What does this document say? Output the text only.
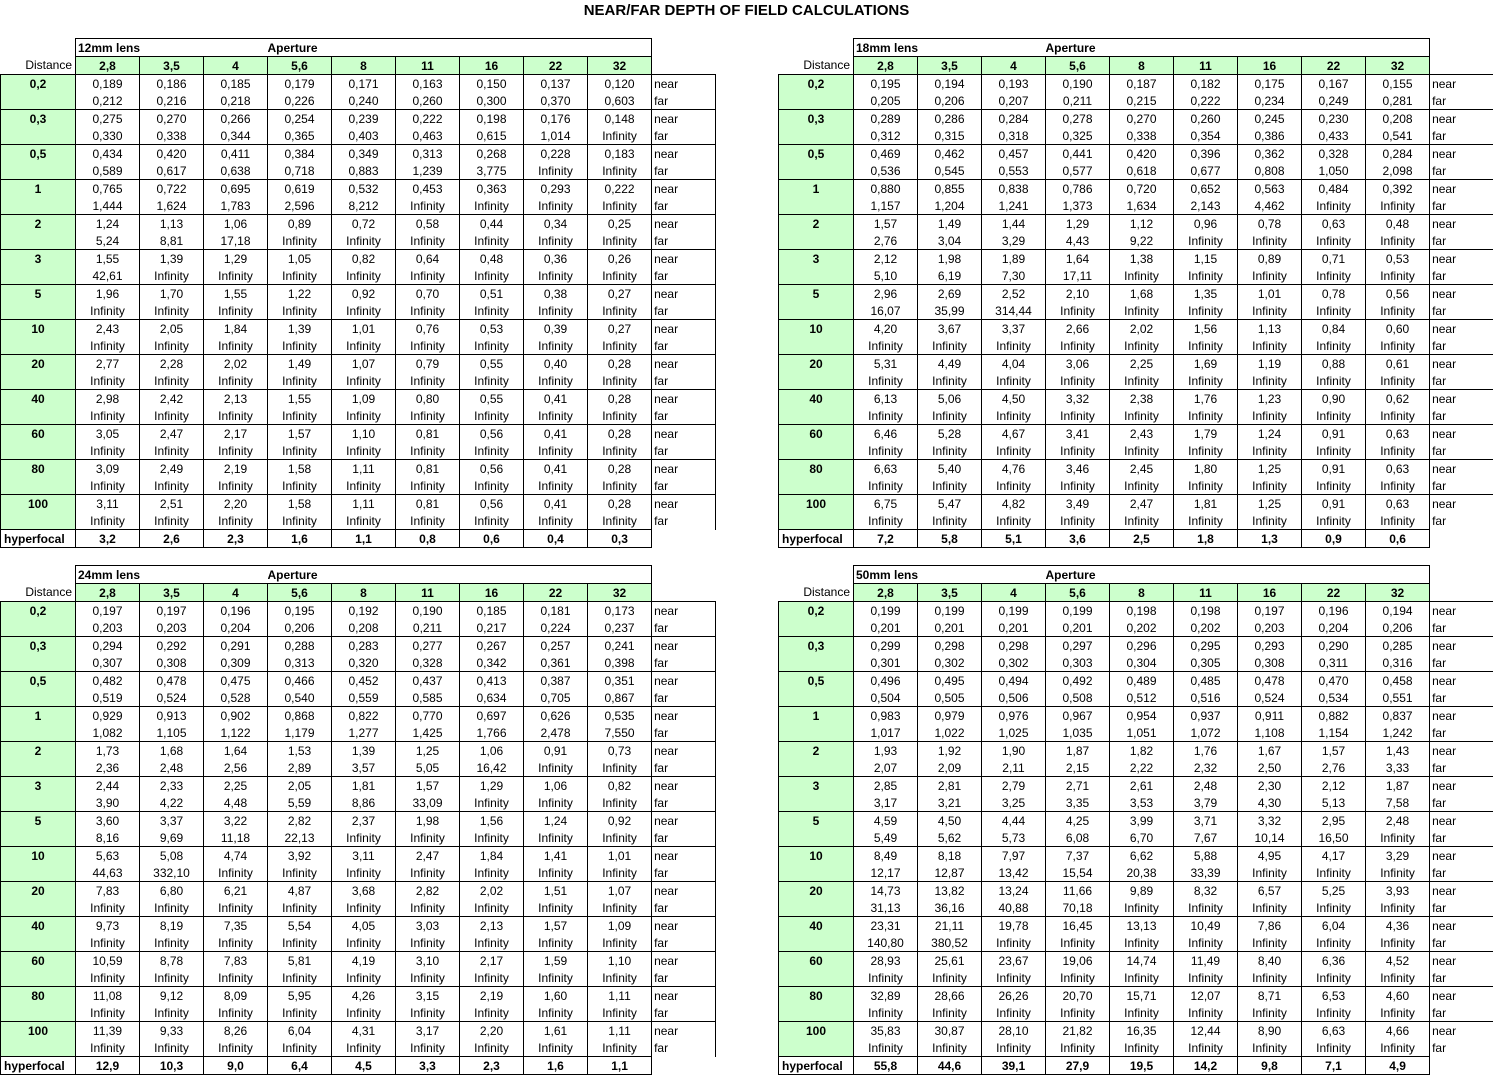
NEAR/FAR DEPTH OF FIELD CALCULATIONS
	12mm lens			Aperture						
Distance	2,8	3,5	4	5,6	8	11	16	22	32	
0,2	0,189	0,186	0,185	0,179	0,171	0,163	0,150	0,137	0,120	near
	0,212	0,216	0,218	0,226	0,240	0,260	0,300	0,370	0,603	far
0,3	0,275	0,270	0,266	0,254	0,239	0,222	0,198	0,176	0,148	near
	0,330	0,338	0,344	0,365	0,403	0,463	0,615	1,014	Infinity	far
0,5	0,434	0,420	0,411	0,384	0,349	0,313	0,268	0,228	0,183	near
	0,589	0,617	0,638	0,718	0,883	1,239	3,775	Infinity	Infinity	far
1	0,765	0,722	0,695	0,619	0,532	0,453	0,363	0,293	0,222	near
	1,444	1,624	1,783	2,596	8,212	Infinity	Infinity	Infinity	Infinity	far
2	1,24	1,13	1,06	0,89	0,72	0,58	0,44	0,34	0,25	near
	5,24	8,81	17,18	Infinity	Infinity	Infinity	Infinity	Infinity	Infinity	far
3	1,55	1,39	1,29	1,05	0,82	0,64	0,48	0,36	0,26	near
	42,61	Infinity	Infinity	Infinity	Infinity	Infinity	Infinity	Infinity	Infinity	far
5	1,96	1,70	1,55	1,22	0,92	0,70	0,51	0,38	0,27	near
	Infinity	Infinity	Infinity	Infinity	Infinity	Infinity	Infinity	Infinity	Infinity	far
10	2,43	2,05	1,84	1,39	1,01	0,76	0,53	0,39	0,27	near
	Infinity	Infinity	Infinity	Infinity	Infinity	Infinity	Infinity	Infinity	Infinity	far
20	2,77	2,28	2,02	1,49	1,07	0,79	0,55	0,40	0,28	near
	Infinity	Infinity	Infinity	Infinity	Infinity	Infinity	Infinity	Infinity	Infinity	far
40	2,98	2,42	2,13	1,55	1,09	0,80	0,55	0,41	0,28	near
	Infinity	Infinity	Infinity	Infinity	Infinity	Infinity	Infinity	Infinity	Infinity	far
60	3,05	2,47	2,17	1,57	1,10	0,81	0,56	0,41	0,28	near
	Infinity	Infinity	Infinity	Infinity	Infinity	Infinity	Infinity	Infinity	Infinity	far
80	3,09	2,49	2,19	1,58	1,11	0,81	0,56	0,41	0,28	near
	Infinity	Infinity	Infinity	Infinity	Infinity	Infinity	Infinity	Infinity	Infinity	far
100	3,11	2,51	2,20	1,58	1,11	0,81	0,56	0,41	0,28	near
	Infinity	Infinity	Infinity	Infinity	Infinity	Infinity	Infinity	Infinity	Infinity	far
hyperfocal	3,2	2,6	2,3	1,6	1,1	0,8	0,6	0,4	0,3	
	18mm lens			Aperture						
Distance	2,8	3,5	4	5,6	8	11	16	22	32	
0,2	0,195	0,194	0,193	0,190	0,187	0,182	0,175	0,167	0,155	near
	0,205	0,206	0,207	0,211	0,215	0,222	0,234	0,249	0,281	far
0,3	0,289	0,286	0,284	0,278	0,270	0,260	0,245	0,230	0,208	near
	0,312	0,315	0,318	0,325	0,338	0,354	0,386	0,433	0,541	far
0,5	0,469	0,462	0,457	0,441	0,420	0,396	0,362	0,328	0,284	near
	0,536	0,545	0,553	0,577	0,618	0,677	0,808	1,050	2,098	far
1	0,880	0,855	0,838	0,786	0,720	0,652	0,563	0,484	0,392	near
	1,157	1,204	1,241	1,373	1,634	2,143	4,462	Infinity	Infinity	far
2	1,57	1,49	1,44	1,29	1,12	0,96	0,78	0,63	0,48	near
	2,76	3,04	3,29	4,43	9,22	Infinity	Infinity	Infinity	Infinity	far
3	2,12	1,98	1,89	1,64	1,38	1,15	0,89	0,71	0,53	near
	5,10	6,19	7,30	17,11	Infinity	Infinity	Infinity	Infinity	Infinity	far
5	2,96	2,69	2,52	2,10	1,68	1,35	1,01	0,78	0,56	near
	16,07	35,99	314,44	Infinity	Infinity	Infinity	Infinity	Infinity	Infinity	far
10	4,20	3,67	3,37	2,66	2,02	1,56	1,13	0,84	0,60	near
	Infinity	Infinity	Infinity	Infinity	Infinity	Infinity	Infinity	Infinity	Infinity	far
20	5,31	4,49	4,04	3,06	2,25	1,69	1,19	0,88	0,61	near
	Infinity	Infinity	Infinity	Infinity	Infinity	Infinity	Infinity	Infinity	Infinity	far
40	6,13	5,06	4,50	3,32	2,38	1,76	1,23	0,90	0,62	near
	Infinity	Infinity	Infinity	Infinity	Infinity	Infinity	Infinity	Infinity	Infinity	far
60	6,46	5,28	4,67	3,41	2,43	1,79	1,24	0,91	0,63	near
	Infinity	Infinity	Infinity	Infinity	Infinity	Infinity	Infinity	Infinity	Infinity	far
80	6,63	5,40	4,76	3,46	2,45	1,80	1,25	0,91	0,63	near
	Infinity	Infinity	Infinity	Infinity	Infinity	Infinity	Infinity	Infinity	Infinity	far
100	6,75	5,47	4,82	3,49	2,47	1,81	1,25	0,91	0,63	near
	Infinity	Infinity	Infinity	Infinity	Infinity	Infinity	Infinity	Infinity	Infinity	far
hyperfocal	7,2	5,8	5,1	3,6	2,5	1,8	1,3	0,9	0,6	
	24mm lens			Aperture						
Distance	2,8	3,5	4	5,6	8	11	16	22	32	
0,2	0,197	0,197	0,196	0,195	0,192	0,190	0,185	0,181	0,173	near
	0,203	0,203	0,204	0,206	0,208	0,211	0,217	0,224	0,237	far
0,3	0,294	0,292	0,291	0,288	0,283	0,277	0,267	0,257	0,241	near
	0,307	0,308	0,309	0,313	0,320	0,328	0,342	0,361	0,398	far
0,5	0,482	0,478	0,475	0,466	0,452	0,437	0,413	0,387	0,351	near
	0,519	0,524	0,528	0,540	0,559	0,585	0,634	0,705	0,867	far
1	0,929	0,913	0,902	0,868	0,822	0,770	0,697	0,626	0,535	near
	1,082	1,105	1,122	1,179	1,277	1,425	1,766	2,478	7,550	far
2	1,73	1,68	1,64	1,53	1,39	1,25	1,06	0,91	0,73	near
	2,36	2,48	2,56	2,89	3,57	5,05	16,42	Infinity	Infinity	far
3	2,44	2,33	2,25	2,05	1,81	1,57	1,29	1,06	0,82	near
	3,90	4,22	4,48	5,59	8,86	33,09	Infinity	Infinity	Infinity	far
5	3,60	3,37	3,22	2,82	2,37	1,98	1,56	1,24	0,92	near
	8,16	9,69	11,18	22,13	Infinity	Infinity	Infinity	Infinity	Infinity	far
10	5,63	5,08	4,74	3,92	3,11	2,47	1,84	1,41	1,01	near
	44,63	332,10	Infinity	Infinity	Infinity	Infinity	Infinity	Infinity	Infinity	far
20	7,83	6,80	6,21	4,87	3,68	2,82	2,02	1,51	1,07	near
	Infinity	Infinity	Infinity	Infinity	Infinity	Infinity	Infinity	Infinity	Infinity	far
40	9,73	8,19	7,35	5,54	4,05	3,03	2,13	1,57	1,09	near
	Infinity	Infinity	Infinity	Infinity	Infinity	Infinity	Infinity	Infinity	Infinity	far
60	10,59	8,78	7,83	5,81	4,19	3,10	2,17	1,59	1,10	near
	Infinity	Infinity	Infinity	Infinity	Infinity	Infinity	Infinity	Infinity	Infinity	far
80	11,08	9,12	8,09	5,95	4,26	3,15	2,19	1,60	1,11	near
	Infinity	Infinity	Infinity	Infinity	Infinity	Infinity	Infinity	Infinity	Infinity	far
100	11,39	9,33	8,26	6,04	4,31	3,17	2,20	1,61	1,11	near
	Infinity	Infinity	Infinity	Infinity	Infinity	Infinity	Infinity	Infinity	Infinity	far
hyperfocal	12,9	10,3	9,0	6,4	4,5	3,3	2,3	1,6	1,1	
	50mm lens			Aperture						
Distance	2,8	3,5	4	5,6	8	11	16	22	32	
0,2	0,199	0,199	0,199	0,199	0,198	0,198	0,197	0,196	0,194	near
	0,201	0,201	0,201	0,201	0,202	0,202	0,203	0,204	0,206	far
0,3	0,299	0,298	0,298	0,297	0,296	0,295	0,293	0,290	0,285	near
	0,301	0,302	0,302	0,303	0,304	0,305	0,308	0,311	0,316	far
0,5	0,496	0,495	0,494	0,492	0,489	0,485	0,478	0,470	0,458	near
	0,504	0,505	0,506	0,508	0,512	0,516	0,524	0,534	0,551	far
1	0,983	0,979	0,976	0,967	0,954	0,937	0,911	0,882	0,837	near
	1,017	1,022	1,025	1,035	1,051	1,072	1,108	1,154	1,242	far
2	1,93	1,92	1,90	1,87	1,82	1,76	1,67	1,57	1,43	near
	2,07	2,09	2,11	2,15	2,22	2,32	2,50	2,76	3,33	far
3	2,85	2,81	2,79	2,71	2,61	2,48	2,30	2,12	1,87	near
	3,17	3,21	3,25	3,35	3,53	3,79	4,30	5,13	7,58	far
5	4,59	4,50	4,44	4,25	3,99	3,71	3,32	2,95	2,48	near
	5,49	5,62	5,73	6,08	6,70	7,67	10,14	16,50	Infinity	far
10	8,49	8,18	7,97	7,37	6,62	5,88	4,95	4,17	3,29	near
	12,17	12,87	13,42	15,54	20,38	33,39	Infinity	Infinity	Infinity	far
20	14,73	13,82	13,24	11,66	9,89	8,32	6,57	5,25	3,93	near
	31,13	36,16	40,88	70,18	Infinity	Infinity	Infinity	Infinity	Infinity	far
40	23,31	21,11	19,78	16,45	13,13	10,49	7,86	6,04	4,36	near
	140,80	380,52	Infinity	Infinity	Infinity	Infinity	Infinity	Infinity	Infinity	far
60	28,93	25,61	23,67	19,06	14,74	11,49	8,40	6,36	4,52	near
	Infinity	Infinity	Infinity	Infinity	Infinity	Infinity	Infinity	Infinity	Infinity	far
80	32,89	28,66	26,26	20,70	15,71	12,07	8,71	6,53	4,60	near
	Infinity	Infinity	Infinity	Infinity	Infinity	Infinity	Infinity	Infinity	Infinity	far
100	35,83	30,87	28,10	21,82	16,35	12,44	8,90	6,63	4,66	near
	Infinity	Infinity	Infinity	Infinity	Infinity	Infinity	Infinity	Infinity	Infinity	far
hyperfocal	55,8	44,6	39,1	27,9	19,5	14,2	9,8	7,1	4,9	
